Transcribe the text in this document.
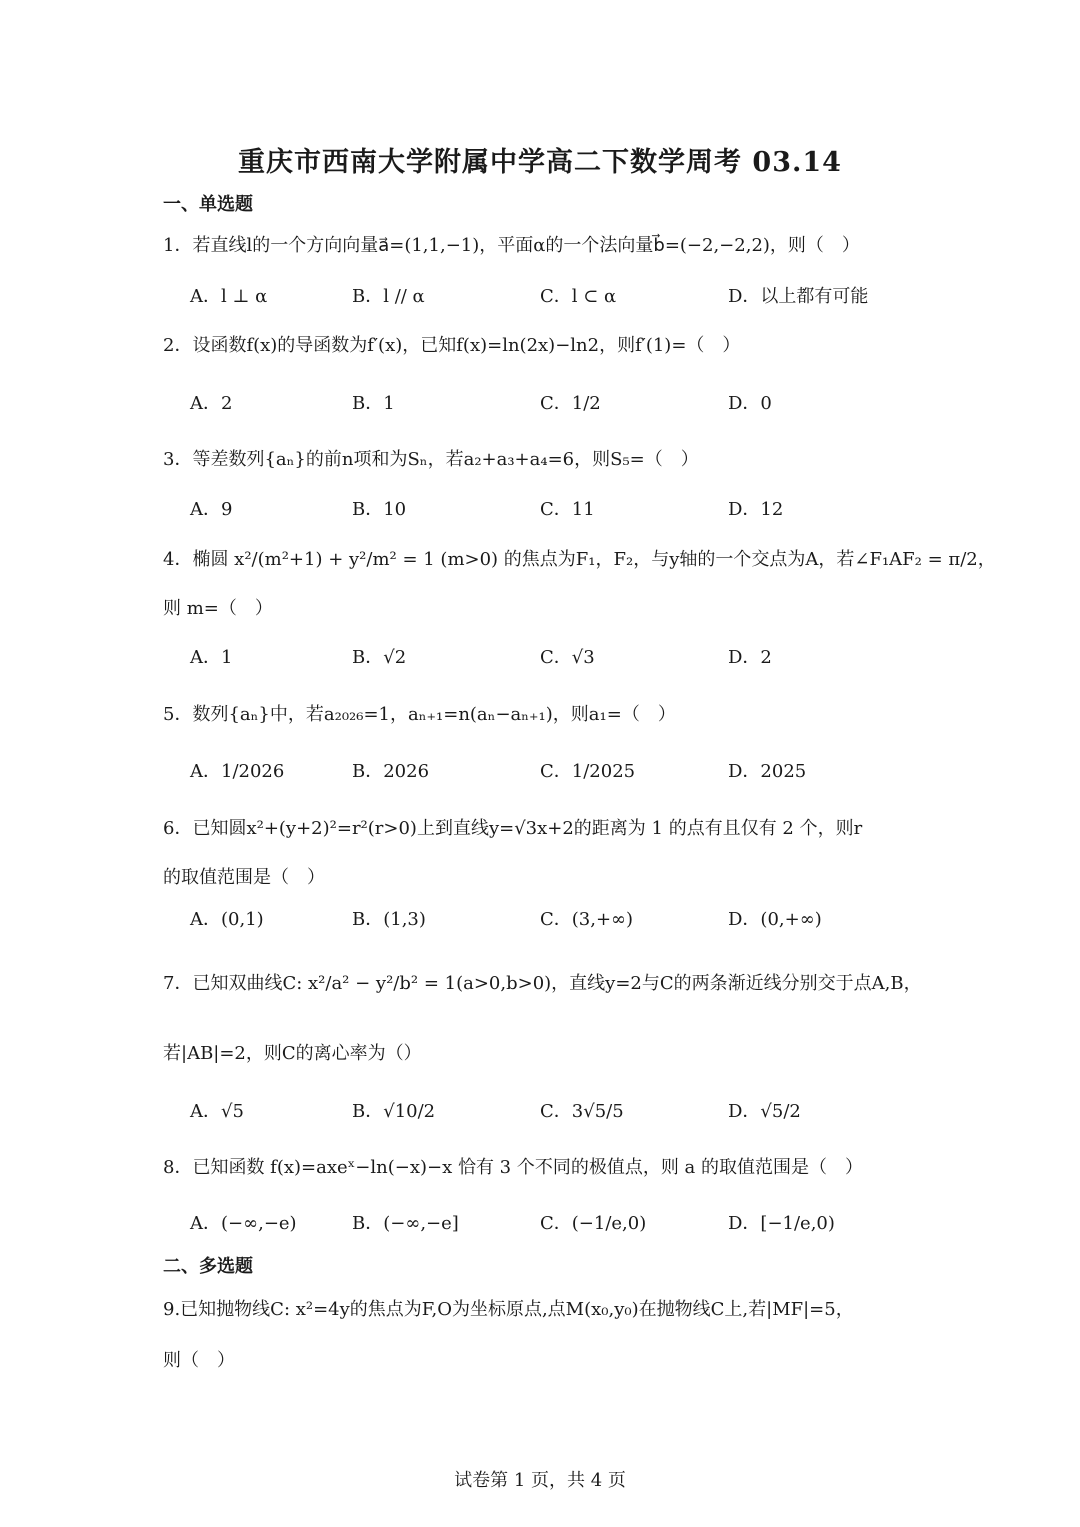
重庆市西南大学附属中学高二下数学周考 03.14
一、单选题
1．若直线l的一个方向向量a⃗=(1,1,−1)，平面α的一个法向量b⃗=(−2,−2,2)，则（　）
A．l ⊥ α	B．l // α	C．l ⊂ α	D．以上都有可能
2．设函数f(x)的导函数为f′(x)，已知f(x)=ln(2x)−ln2，则f′(1)=（　）
A．2	B．1	C．1/2	D．0
3．等差数列{aₙ}的前n项和为Sₙ，若a₂+a₃+a₄=6，则S₅=（　）
A．9	B．10	C．11	D．12
4．椭圆 x²/(m²+1) + y²/m² = 1 (m>0) 的焦点为F₁，F₂，与y轴的一个交点为A，若∠F₁AF₂ = π/2，
则 m=（　）
A．1	B．√2	C．√3	D．2
5．数列{aₙ}中，若a₂₀₂₆=1，aₙ₊₁=n(aₙ−aₙ₊₁)，则a₁=（　）
A．1/2026	B．2026	C．1/2025	D．2025
6．已知圆x²+(y+2)²=r²(r>0)上到直线y=√3x+2的距离为 1 的点有且仅有 2 个，则r
的取值范围是（　）
A．(0,1)	B．(1,3)	C．(3,+∞)	D．(0,+∞)
7．已知双曲线C: x²/a² − y²/b² = 1(a>0,b>0)，直线y=2与C的两条渐近线分别交于点A,B，
若|AB|=2，则C的离心率为（）
A．√5	B．√10/2	C．3√5/5	D．√5/2
8．已知函数 f(x)=axeˣ−ln(−x)−x 恰有 3 个不同的极值点，则 a 的取值范围是（　）
A．(−∞,−e)	B．(−∞,−e]	C．(−1/e,0)	D．[−1/e,0)
二、多选题
9.已知抛物线C: x²=4y的焦点为F,O为坐标原点,点M(x₀,y₀)在抛物线C上,若|MF|=5，
则（　）
试卷第 1 页，共 4 页
